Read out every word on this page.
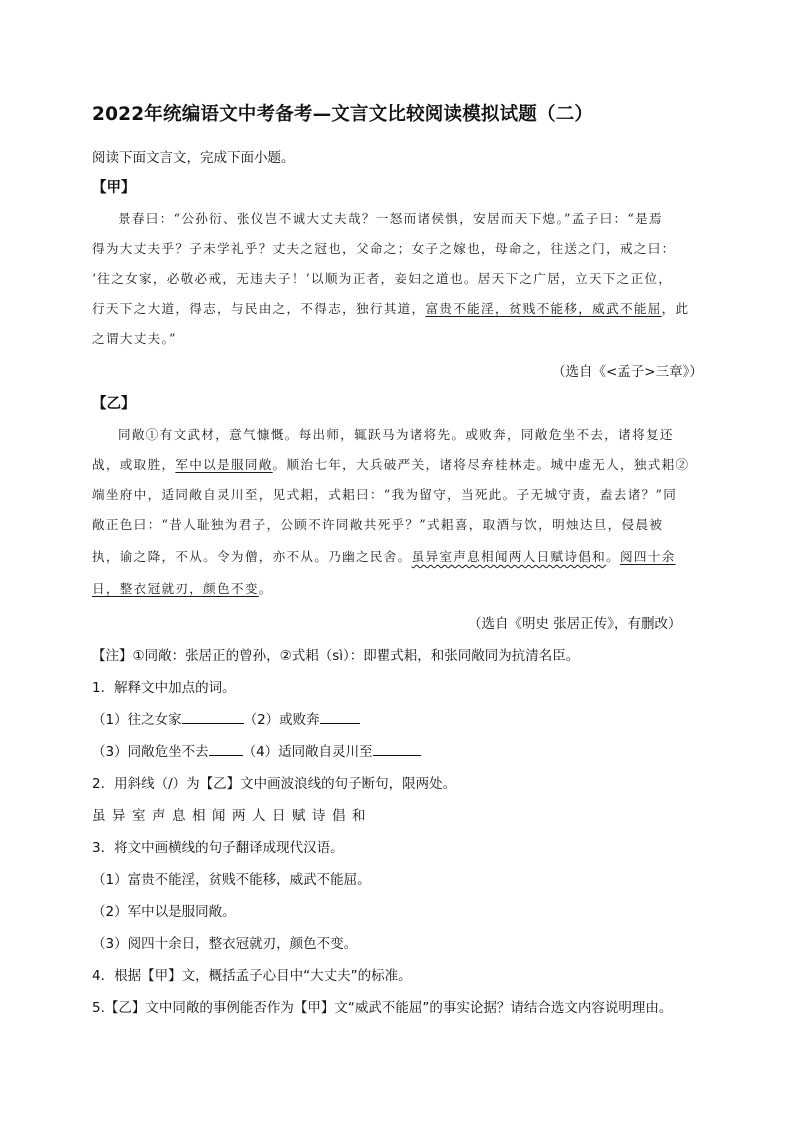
2022年统编语文中考备考—文言文比较阅读模拟试题（二）
阅读下面文言文，完成下面小题。
【甲】
景春曰：“公孙衍、张仪岂不诚大丈夫哉？一怒而诸侯惧，安居而天下熄。”孟子曰：“是焉
得为大丈夫乎？子未学礼乎？丈夫之冠也，父命之；女子之嫁也，母命之，往送之门，戒之曰：
‘往之女家，必敬必戒，无违夫子！’以顺为正者，妾妇之道也。居天下之广居，立天下之正位，
行天下之大道，得志，与民由之，不得志，独行其道，富贵不能淫，贫贱不能移，威武不能屈，此
之谓大丈夫。”
（选自《<孟子>三章》）
【乙】
同敞①有文武材，意气慷慨。每出师，辄跃马为诸将先。或败奔，同敞危坐不去，诸将复还
战，或取胜，军中以是服同敞。顺治七年，大兵破严关，诸将尽弃桂林走。城中虚无人，独式耜②
端坐府中，适同敞自灵川至，见式耜，式耜曰：“我为留守，当死此。子无城守责，盍去诸？”同
敞正色曰：“昔人耻独为君子，公顾不许同敞共死乎？”式耜喜，取酒与饮，明烛达旦，侵晨被
执，谕之降，不从。令为僧，亦不从。乃幽之民舍。虽异室声息相闻两人日赋诗倡和。阅四十余
日，整衣冠就刃，颜色不变。
（选自《明史 张居正传》，有删改）
【注】①同敞：张居正的曾孙，②式耜（sì）：即瞿式耜，和张同敞同为抗清名臣。
1．解释文中加点的词。
（1）往之女家	（2）或败奔
（3）同敞危坐不去	（4）适同敞自灵川至
2．用斜线（/）为【乙】文中画波浪线的句子断句，限两处。
虽异室声息相闻两人日赋诗倡和
3．将文中画横线的句子翻译成现代汉语。
（1）富贵不能淫，贫贱不能移，威武不能屈。
（2）军中以是服同敞。
（3）阅四十余日，整衣冠就刃，颜色不变。
4．根据【甲】文，概括孟子心目中“大丈夫”的标准。
5.【乙】文中同敞的事例能否作为【甲】文“威武不能屈”的事实论据？请结合选文内容说明理由。
